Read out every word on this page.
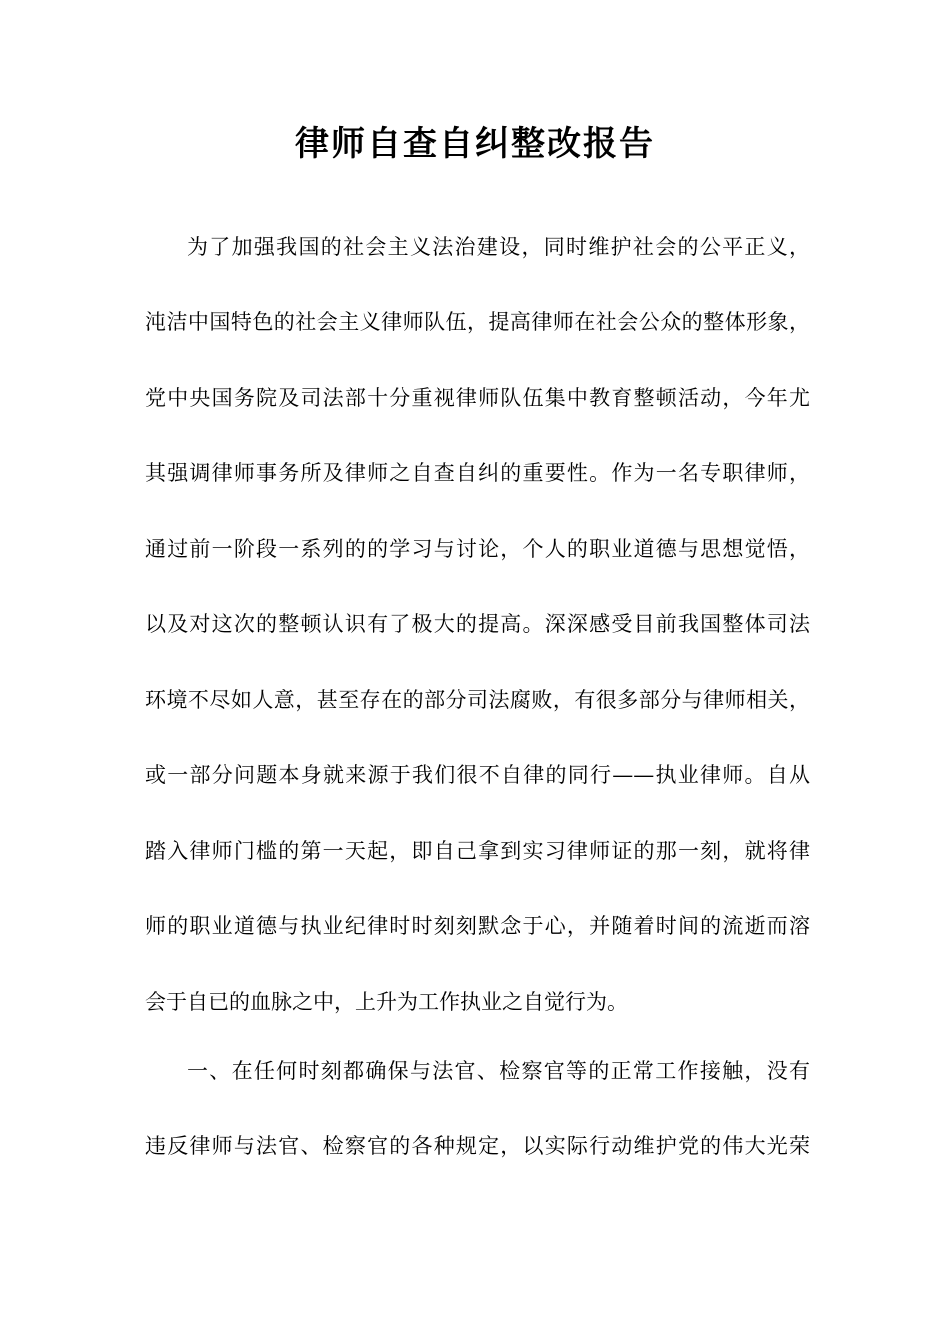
律师自查自纠整改报告
为了加强我国的社会主义法治建设，同时维护社会的公平正义，
沌洁中国特色的社会主义律师队伍，提高律师在社会公众的整体形象，
党中央国务院及司法部十分重视律师队伍集中教育整顿活动，今年尤
其强调律师事务所及律师之自查自纠的重要性。作为一名专职律师，
通过前一阶段一系列的的学习与讨论，个人的职业道德与思想觉悟，
以及对这次的整顿认识有了极大的提高。深深感受目前我国整体司法
环境不尽如人意，甚至存在的部分司法腐败，有很多部分与律师相关，
或一部分问题本身就来源于我们很不自律的同行——执业律师。自从
踏入律师门槛的第一天起，即自己拿到实习律师证的那一刻，就将律
师的职业道德与执业纪律时时刻刻默念于心，并随着时间的流逝而溶
会于自已的血脉之中，上升为工作执业之自觉行为。
一、在任何时刻都确保与法官、检察官等的正常工作接触，没有
违反律师与法官、检察官的各种规定，以实际行动维护党的伟大光荣
